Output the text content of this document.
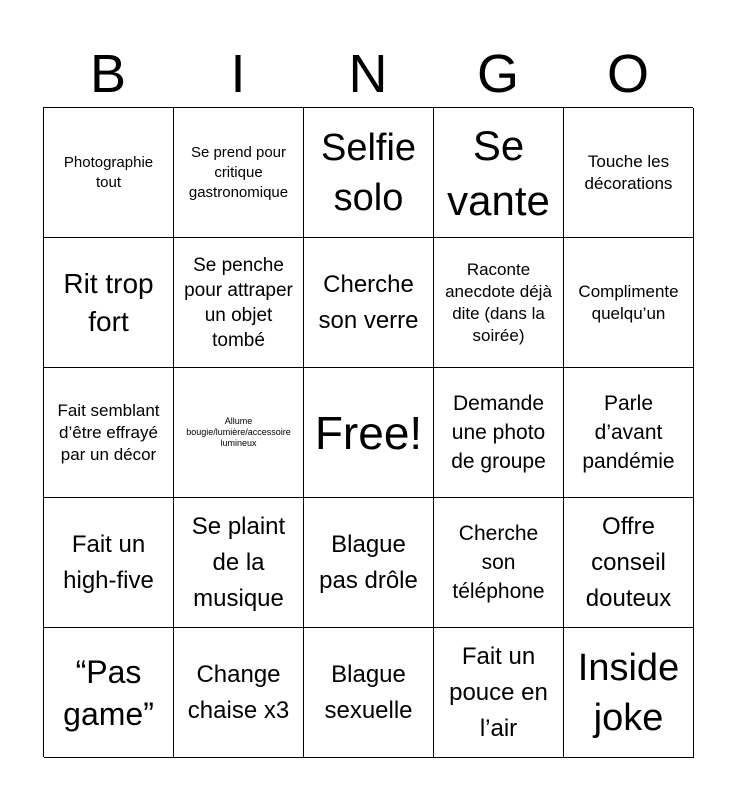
B	I	N	G	O
Photographie tout
Se prend pour critique gastronomique
Selfie solo
Se vante
Touche les décorations
Rit trop fort
Se penche pour attraper un objet tombé
Cherche son verre
Raconte anecdote déjà dite (dans la soirée)
Complimente quelqu’un
Fait semblant d’être effrayé par un décor
Allume bougie/lumière/accessoire lumineux	Free!
Demande une photo de groupe
Parle d’avant pandémie
Fait un high-five
Se plaint de la musique
Blague pas drôle
Cherche son téléphone
Offre conseil douteux
“Pas game”
Change chaise x3
Blague sexuelle
Fait un pouce en l’air
Inside joke
